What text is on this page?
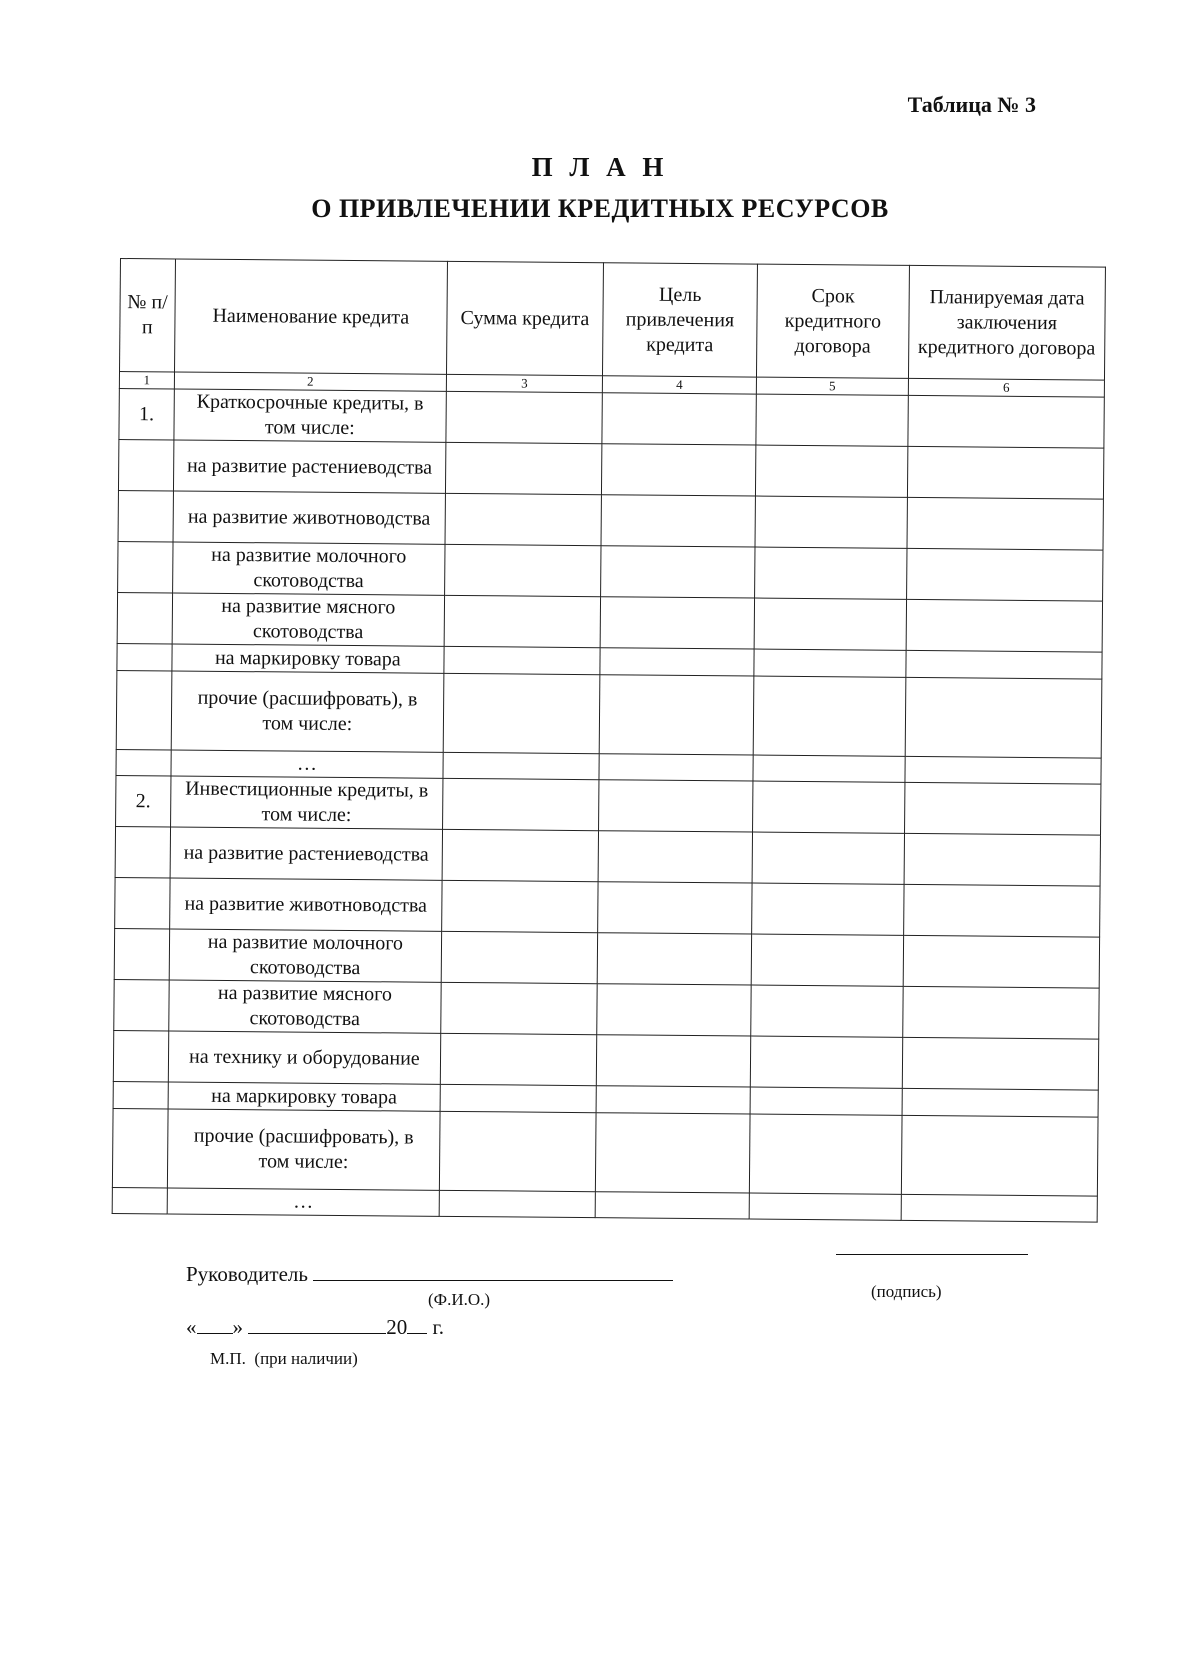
Таблица № 3
П Л А Н
О ПРИВЛЕЧЕНИИ КРЕДИТНЫХ РЕСУРСОВ
№ п/п	Наименование кредита	Сумма кредита	Цель привлечения кредита	Срок кредитного договора	Планируемая дата заключения кредитного договора
1	2	3	4	5	6
1.	Краткосрочные кредиты, в том числе:				
	на развитие растениеводства				
	на развитие животноводства				
	на развитие молочного скотоводства				
	на развитие мясного скотоводства				
	на маркировку товара				
	прочие (расшифровать), в том числе:				
	…				
2.	Инвестиционные кредиты, в том числе:				
	на развитие растениеводства				
	на развитие животноводства				
	на развитие молочного скотоводства				
	на развитие мясного скотоводства				
	на технику и оборудование				
	на маркировку товара				
	прочие (расшифровать), в том числе:				
	…				
Руководитель
(Ф.И.О.)	(подпись)
« »	20 г.
М.П. (при наличии)
